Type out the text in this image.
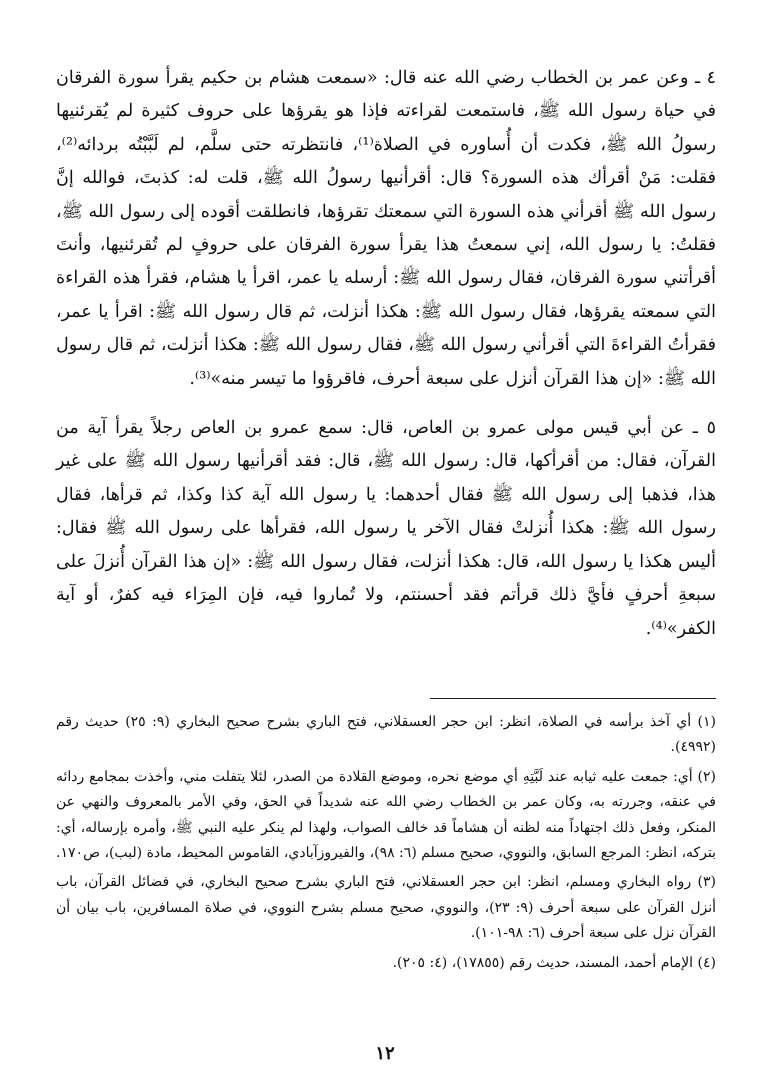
٤ ـ وعن عمر بن الخطاب رضي الله عنه قال: «سمعت هشام بن حكيم يقرأ سورة الفرقان في حياة رسول الله ﷺ، فاستمعت لقراءته فإذا هو يقرؤها على حروف كثيرة لم يُقرئنيها رسولُ الله ﷺ، فكدت أن أُساوره في الصلاة⁽¹⁾، فانتظرته حتى سلَّم، لم لَبَّبْتُه بردائه⁽²⁾، فقلت: مَنْ أقرأك هذه السورة؟ قال: أقرأنيها رسولُ الله ﷺ، قلت له: كذبتَ، فوالله إنَّ رسول الله ﷺ أقرأني هذه السورة التي سمعتك تقرؤها، فانطلقت أقوده إلى رسول الله ﷺ، فقلتُ: يا رسول الله، إني سمعتُ هذا يقرأ سورة الفرقان على حروفٍ لم تُقرئنيها، وأنتَ أقرأتني سورة الفرقان، فقال رسول الله ﷺ: أرسله يا عمر، اقرأ يا هشام، فقرأ هذه القراءة التي سمعته يقرؤها، فقال رسول الله ﷺ: هكذا أنزلت، ثم قال رسول الله ﷺ: اقرأ يا عمر، فقرأتُ القراءةَ التي أقرأني رسول الله ﷺ، فقال رسول الله ﷺ: هكذا أنزلت، ثم قال رسول الله ﷺ: «إن هذا القرآن أنزل على سبعة أحرف، فاقرؤوا ما تيسر منه»⁽³⁾.

٥ ـ عن أبي قيس مولى عمرو بن العاص، قال: سمع عمرو بن العاص رجلاً يقرأ آية من القرآن، فقال: من أقرأكها، قال: رسول الله ﷺ، قال: فقد أقرأنيها رسول الله ﷺ على غير هذا، فذهبا إلى رسول الله ﷺ فقال أحدهما: يا رسول الله آية كذا وكذا، ثم قرأها، فقال رسول الله ﷺ: هكذا أُنزلتْ فقال الآخر يا رسول الله، فقرأها على رسول الله ﷺ فقال: أليس هكذا يا رسول الله، قال: هكذا أنزلت، فقال رسول الله ﷺ: «إن هذا القرآن أُنزلَ على سبعةِ أحرفٍ فأيَّ ذلك قرأتم فقد أحسنتم، ولا تُماروا فيه، فإن المِرَاء فيه كفرٌ، أو آية الكفر»⁽⁴⁾.

(١) أي آخذ برأسه في الصلاة، انظر: ابن حجر العسقلاني، فتح الباري بشرح صحيح البخاري (٩: ٢٥) حديث رقم (٤٩٩٢).

(٢) أي: جمعت عليه ثيابه عند لَبَّتِهِ أي موضع نحره، وموضع القلادة من الصدر، لئلا يتفلت مني، وأخذت بمجامع ردائه في عنقه، وجررته به، وكان عمر بن الخطاب رضي الله عنه شديداً في الحق، وفي الأمر بالمعروف والنهي عن المنكر، وفعل ذلك اجتهاداً منه لظنه أن هشاماً قد خالف الصواب، ولهذا لم ينكر عليه النبي ﷺ، وأمره بإرساله، أي: بتركه، انظر: المرجع السابق، والنووي، صحيح مسلم (٦: ٩٨)، والفيروزآبادي، القاموس المحيط، مادة (لبب)، ص١٧٠.

(٣) رواه البخاري ومسلم، انظر: ابن حجر العسقلاني، فتح الباري بشرح صحيح البخاري، في فضائل القرآن، باب أنزل القرآن على سبعة أحرف (٩: ٢٣)، والنووي، صحيح مسلم بشرح النووي، في صلاة المسافرين، باب بيان أن القرآن نزل على سبعة أحرف (٦: ٩٨-١٠١).

(٤) الإمام أحمد، المسند، حديث رقم (١٧٨٥٥)، (٤: ٢٠٥).

١٢
